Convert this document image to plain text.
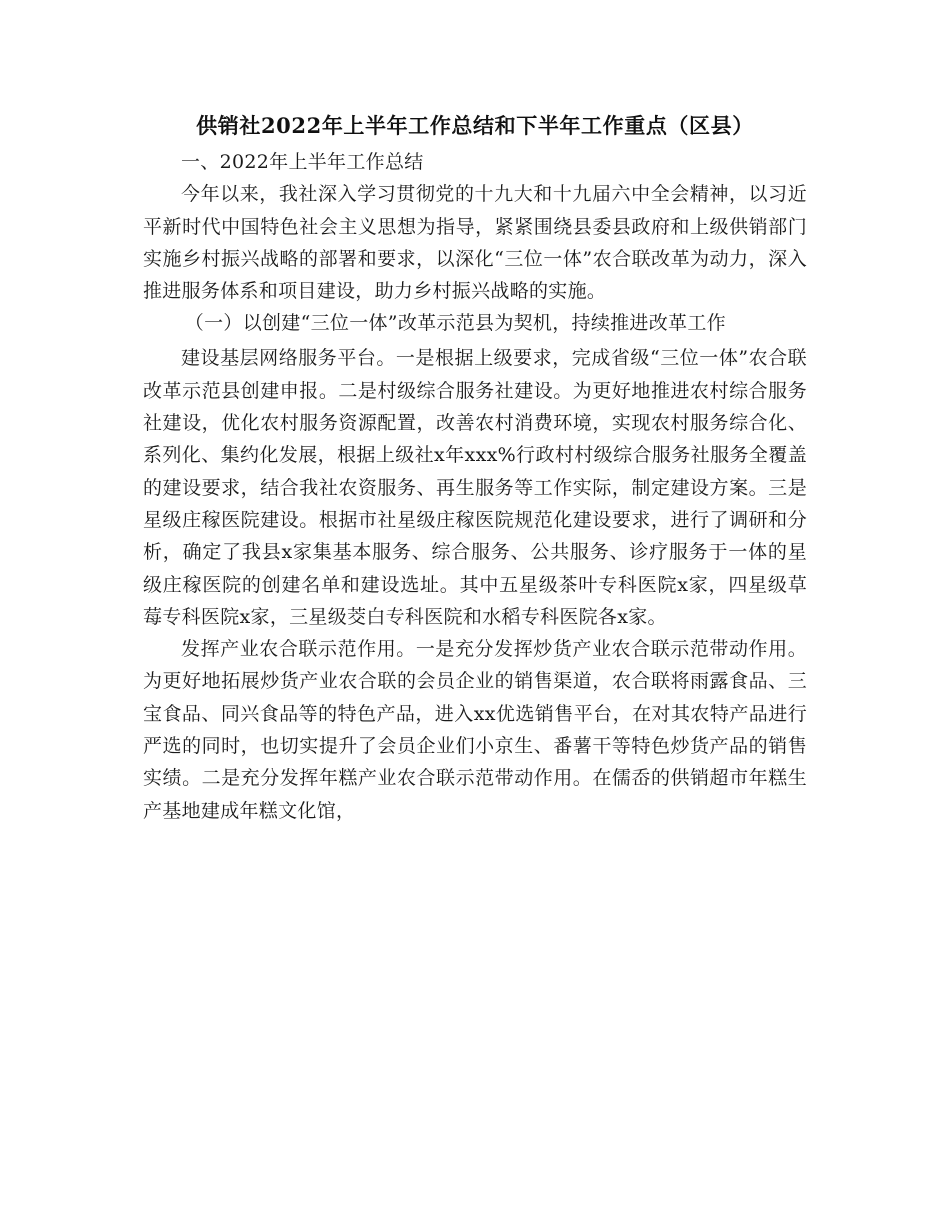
供销社2022年上半年工作总结和下半年工作重点（区县）

一、2022年上半年工作总结

今年以来，我社深入学习贯彻党的十九大和十九届六中全会精神，以习近平新时代中国特色社会主义思想为指导，紧紧围绕县委县政府和上级供销部门实施乡村振兴战略的部署和要求，以深化“三位一体”农合联改革为动力，深入推进服务体系和项目建设，助力乡村振兴战略的实施。

（一）以创建“三位一体”改革示范县为契机，持续推进改革工作

建设基层网络服务平台。一是根据上级要求，完成省级“三位一体”农合联改革示范县创建申报。二是村级综合服务社建设。为更好地推进农村综合服务社建设，优化农村服务资源配置，改善农村消费环境，实现农村服务综合化、系列化、集约化发展，根据上级社x年xxx%行政村村级综合服务社服务全覆盖的建设要求，结合我社农资服务、再生服务等工作实际，制定建设方案。三是星级庄稼医院建设。根据市社星级庄稼医院规范化建设要求，进行了调研和分析，确定了我县x家集基本服务、综合服务、公共服务、诊疗服务于一体的星级庄稼医院的创建名单和建设选址。其中五星级茶叶专科医院x家，四星级草莓专科医院x家，三星级茭白专科医院和水稻专科医院各x家。

发挥产业农合联示范作用。一是充分发挥炒货产业农合联示范带动作用。为更好地拓展炒货产业农合联的会员企业的销售渠道，农合联将雨露食品、三宝食品、同兴食品等的特色产品，进入xx优选销售平台，在对其农特产品进行严选的同时，也切实提升了会员企业们小京生、番薯干等特色炒货产品的销售实绩。二是充分发挥年糕产业农合联示范带动作用。在儒岙的供销超市年糕生产基地建成年糕文化馆，
